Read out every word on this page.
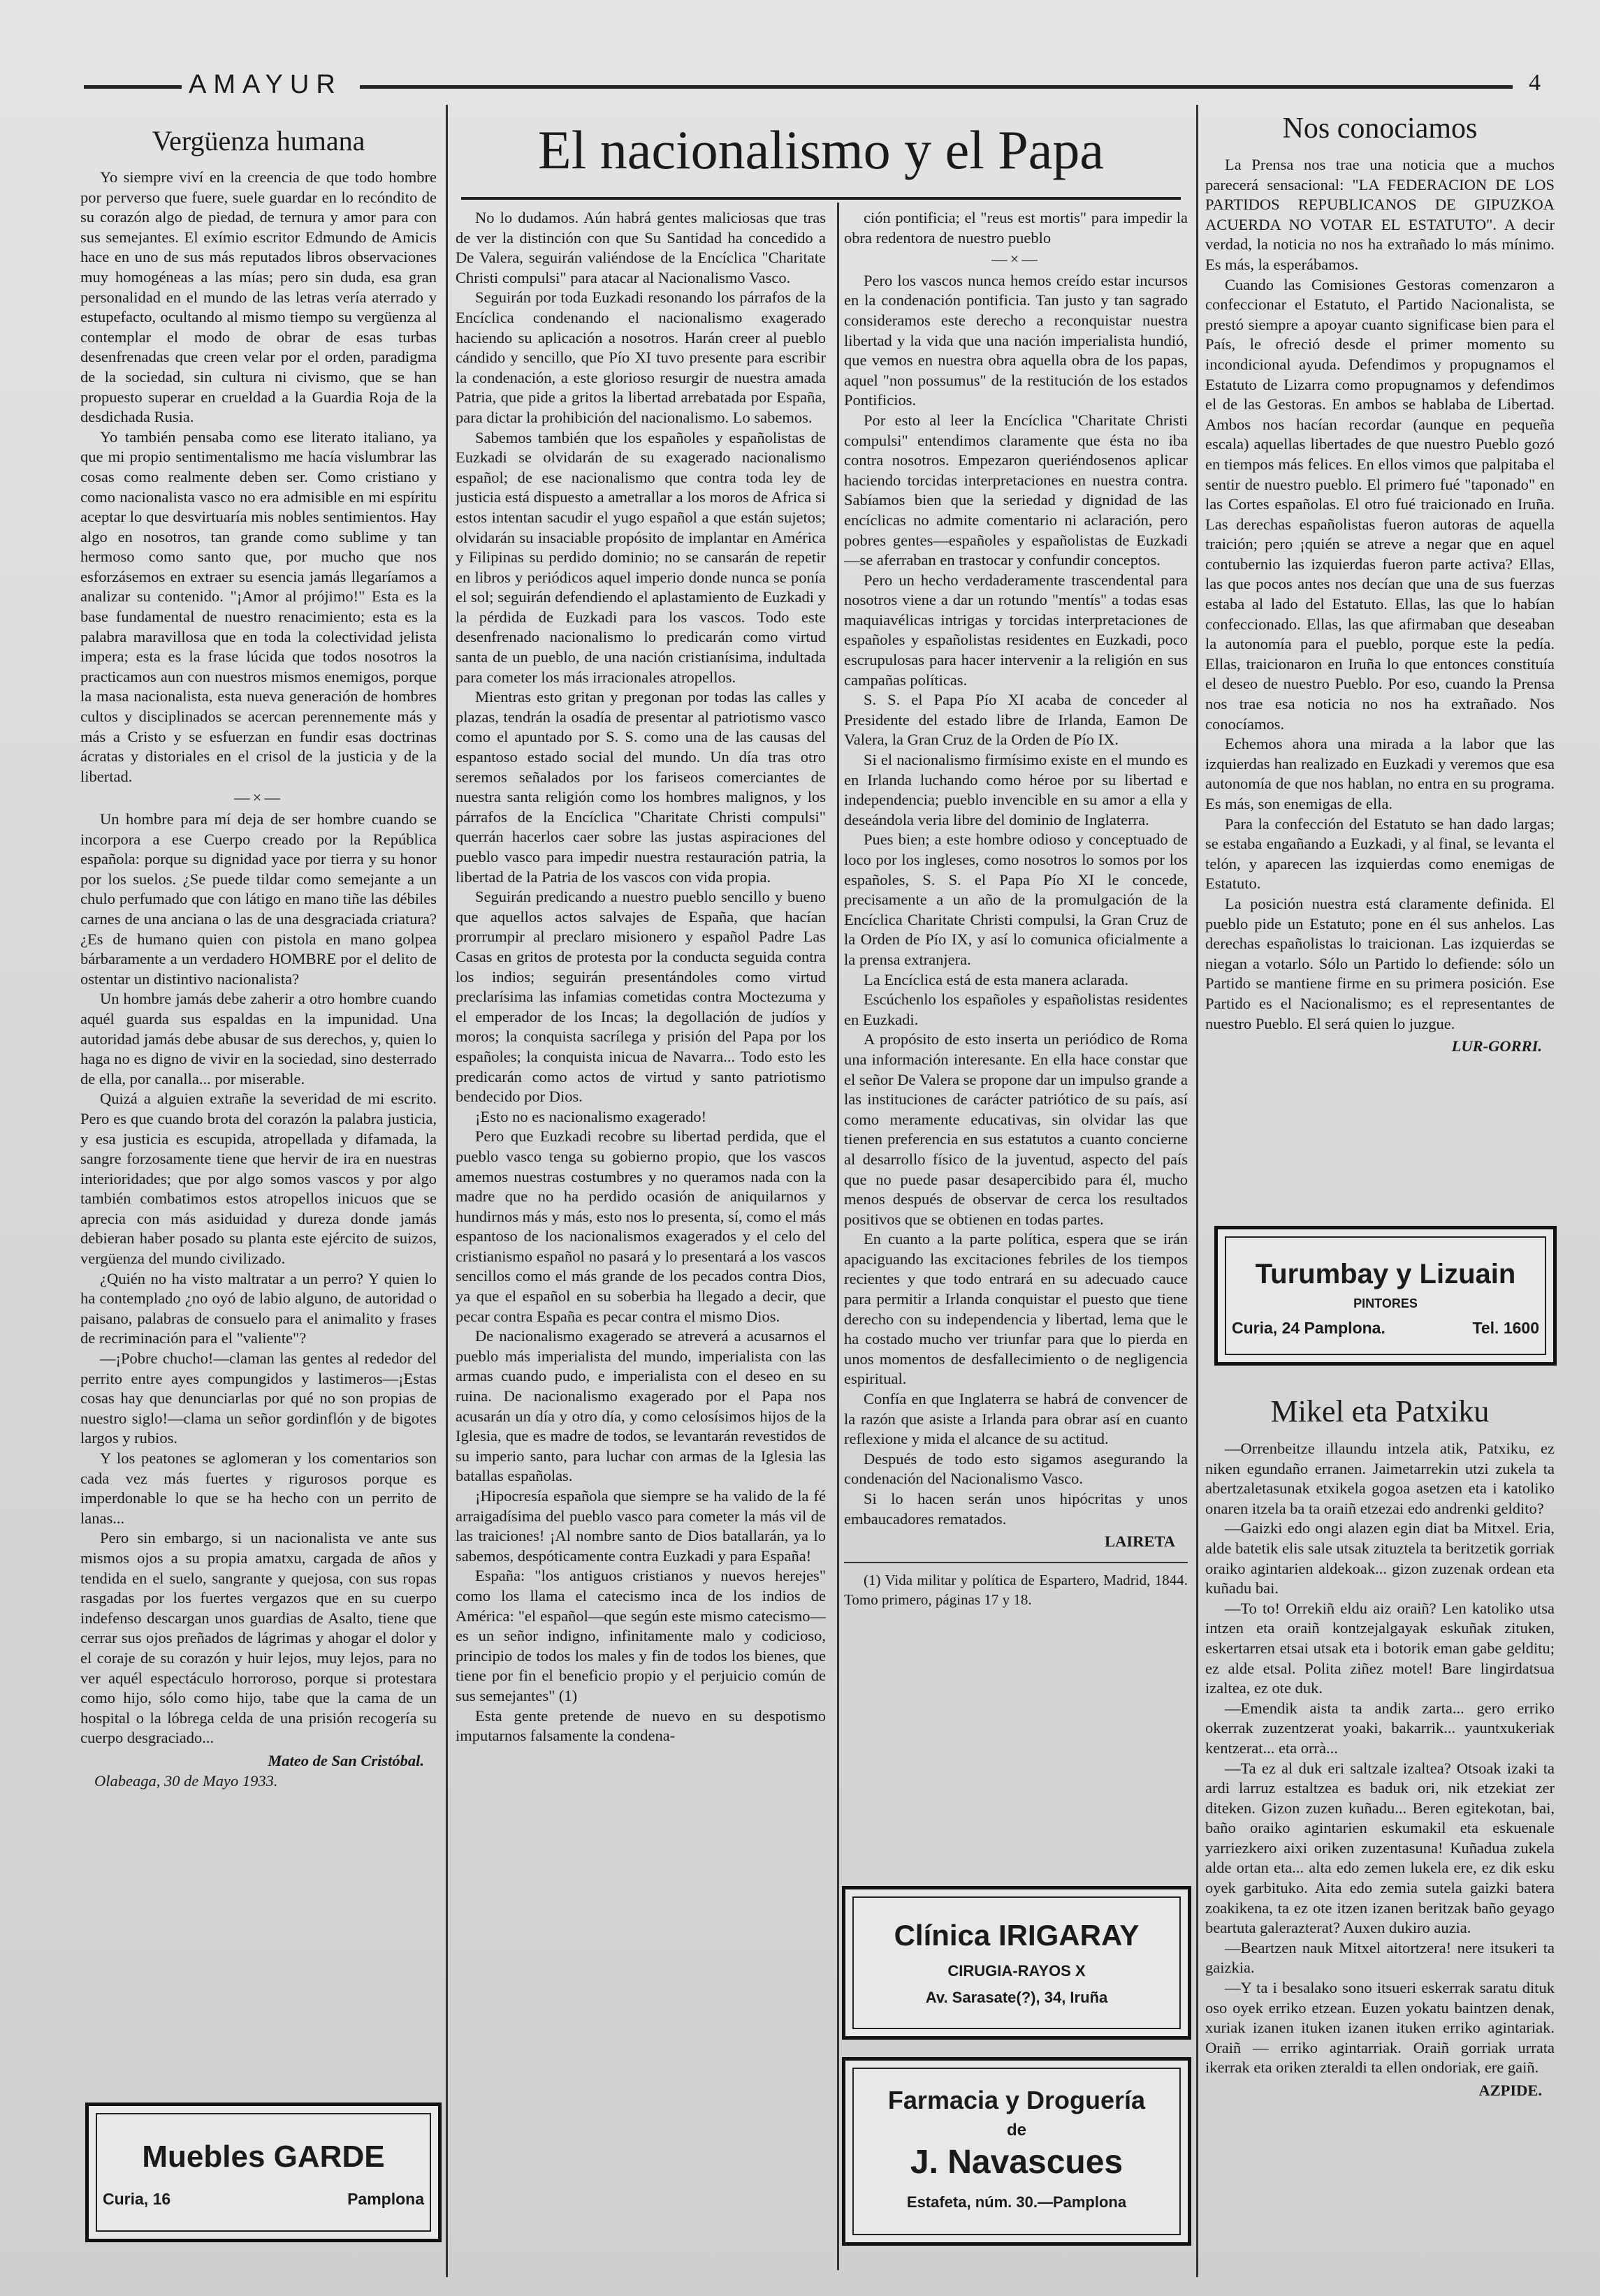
AMAYUR	4
Vergüenza humana

Yo siempre viví en la creencia de que todo hombre por perverso que fuere, suele guardar en lo recóndito de su corazón algo de piedad, de ternura y amor para con sus semejantes. El exímio escritor Edmundo de Amicis hace en uno de sus más reputados libros observaciones muy homogéneas a las mías; pero sin duda, esa gran personalidad en el mundo de las letras vería aterrado y estupefacto, ocultando al mismo tiempo su vergüenza al contemplar el modo de obrar de esas turbas desenfrenadas que creen velar por el orden, paradigma de la sociedad, sin cultura ni civismo, que se han propuesto superar en crueldad a la Guardia Roja de la desdichada Rusia.

Yo también pensaba como ese literato italiano, ya que mi propio sentimentalismo me hacía vislumbrar las cosas como realmente deben ser. Como cristiano y como nacionalista vasco no era admisible en mi espíritu aceptar lo que desvirtuaría mis nobles sentimientos. Hay algo en nosotros, tan grande como sublime y tan hermoso como santo que, por mucho que nos esforzásemos en extraer su esencia jamás llegaríamos a analizar su contenido. "¡Amor al prójimo!" Esta es la base fundamental de nuestro renacimiento; esta es la palabra maravillosa que en toda la colectividad jelista impera; esta es la frase lúcida que todos nosotros la practicamos aun con nuestros mismos enemigos, porque la masa nacionalista, esta nueva generación de hombres cultos y disciplinados se acercan perennemente más y más a Cristo y se esfuerzan en fundir esas doctrinas ácratas y distoriales en el crisol de la justicia y de la libertad.

—×—

Un hombre para mí deja de ser hombre cuando se incorpora a ese Cuerpo creado por la República española: porque su dignidad yace por tierra y su honor por los suelos. ¿Se puede tildar como semejante a un chulo perfumado que con látigo en mano tiñe las débiles carnes de una anciana o las de una desgraciada criatura? ¿Es de humano quien con pistola en mano golpea bárbaramente a un verdadero HOMBRE por el delito de ostentar un distintivo nacionalista?

Un hombre jamás debe zaherir a otro hombre cuando aquél guarda sus espaldas en la impunidad. Una autoridad jamás debe abusar de sus derechos, y, quien lo haga no es digno de vivir en la sociedad, sino desterrado de ella, por canalla... por miserable.

Quizá a alguien extrañe la severidad de mi escrito. Pero es que cuando brota del corazón la palabra justicia, y esa justicia es escupida, atropellada y difamada, la sangre forzosamente tiene que hervir de ira en nuestras interioridades; que por algo somos vascos y por algo también combatimos estos atropellos inicuos que se aprecia con más asiduidad y dureza donde jamás debieran haber posado su planta este ejército de suizos, vergüenza del mundo civilizado.

¿Quién no ha visto maltratar a un perro? Y quien lo ha contemplado ¿no oyó de labio alguno, de autoridad o paisano, palabras de consuelo para el animalito y frases de recriminación para el "valiente"?

—¡Pobre chucho!—claman las gentes al rededor del perrito entre ayes compungidos y lastimeros—¡Estas cosas hay que denunciarlas por qué no son propias de nuestro siglo!—clama un señor gordinflón y de bigotes largos y rubios.

Y los peatones se aglomeran y los comentarios son cada vez más fuertes y rigurosos porque es imperdonable lo que se ha hecho con un perrito de lanas...

Pero sin embargo, si un nacionalista ve ante sus mismos ojos a su propia amatxu, cargada de años y tendida en el suelo, sangrante y quejosa, con sus ropas rasgadas por los fuertes vergazos que en su cuerpo indefenso descargan unos guardias de Asalto, tiene que cerrar sus ojos preñados de lágrimas y ahogar el dolor y el coraje de su corazón y huir lejos, muy lejos, para no ver aquél espectáculo horroroso, porque si protestara como hijo, sólo como hijo, tabe que la cama de un hospital o la lóbrega celda de una prisión recogería su cuerpo desgraciado...

Mateo de San Cristóbal.
Olabeaga, 30 de Mayo 1933.
El nacionalismo y el Papa

No lo dudamos. Aún habrá gentes maliciosas que tras de ver la distinción con que Su Santidad ha concedido a De Valera, seguirán valiéndose de la Encíclica "Charitate Christi compulsi" para atacar al Nacionalismo Vasco.

Seguirán por toda Euzkadi resonando los párrafos de la Encíclica condenando el nacionalismo exagerado haciendo su aplicación a nosotros. Harán creer al pueblo cándido y sencillo, que Pío XI tuvo presente para escribir la condenación, a este glorioso resurgir de nuestra amada Patria, que pide a gritos la libertad arrebatada por España, para dictar la prohibición del nacionalismo. Lo sabemos.

Sabemos también que los españoles y españolistas de Euzkadi se olvidarán de su exagerado nacionalismo español; de ese nacionalismo que contra toda ley de justicia está dispuesto a ametrallar a los moros de Africa si estos intentan sacudir el yugo español a que están sujetos; olvidarán su insaciable propósito de implantar en América y Filipinas su perdido dominio; no se cansarán de repetir en libros y periódicos aquel imperio donde nunca se ponía el sol; seguirán defendiendo el aplastamiento de Euzkadi y la pérdida de Euzkadi para los vascos. Todo este desenfrenado nacionalismo lo predicarán como virtud santa de un pueblo, de una nación cristianísima, indultada para cometer los más irracionales atropellos.

Mientras esto gritan y pregonan por todas las calles y plazas, tendrán la osadía de presentar al patriotismo vasco como el apuntado por S. S. como una de las causas del espantoso estado social del mundo. Un día tras otro seremos señalados por los fariseos comerciantes de nuestra santa religión como los hombres malignos, y los párrafos de la Encíclica "Charitate Christi compulsi" querrán hacerlos caer sobre las justas aspiraciones del pueblo vasco para impedir nuestra restauración patria, la libertad de la Patria de los vascos con vida propia.

Seguirán predicando a nuestro pueblo sencillo y bueno que aquellos actos salvajes de España, que hacían prorrumpir al preclaro misionero y español Padre Las Casas en gritos de protesta por la conducta seguida contra los indios; seguirán presentándoles como virtud preclarísima las infamias cometidas contra Moctezuma y el emperador de los Incas; la degollación de judíos y moros; la conquista sacrílega y prisión del Papa por los españoles; la conquista inicua de Navarra... Todo esto les predicarán como actos de virtud y santo patriotismo bendecido por Dios.

¡Esto no es nacionalismo exagerado!

Pero que Euzkadi recobre su libertad perdida, que el pueblo vasco tenga su gobierno propio, que los vascos amemos nuestras costumbres y no queramos nada con la madre que no ha perdido ocasión de aniquilarnos y hundirnos más y más, esto nos lo presenta, sí, como el más espantoso de los nacionalismos exagerados y el celo del cristianismo español no pasará y lo presentará a los vascos sencillos como el más grande de los pecados contra Dios, ya que el español en su soberbia ha llegado a decir, que pecar contra España es pecar contra el mismo Dios.

De nacionalismo exagerado se atreverá a acusarnos el pueblo más imperialista del mundo, imperialista con las armas cuando pudo, e imperialista con el deseo en su ruina. De nacionalismo exagerado por el Papa nos acusarán un día y otro día, y como celosísimos hijos de la Iglesia, que es madre de todos, se levantarán revestidos de su imperio santo, para luchar con armas de la Iglesia las batallas españolas.

¡Hipocresía española que siempre se ha valido de la fé arraigadísima del pueblo vasco para cometer la más vil de las traiciones! ¡Al nombre santo de Dios batallarán, ya lo sabemos, despóticamente contra Euzkadi y para España!

España: "los antiguos cristianos y nuevos herejes" como los llama el catecismo inca de los indios de América: "el español—que según este mismo catecismo—es un señor indigno, infinitamente malo y codicioso, principio de todos los males y fin de todos los bienes, que tiene por fin el beneficio propio y el perjuicio común de sus semejantes" (1)

Esta gente pretende de nuevo en su despotismo imputarnos falsamente la condena-

ción pontificia; el "reus est mortis" para impedir la obra redentora de nuestro pueblo

—×—

Pero los vascos nunca hemos creído estar incursos en la condenación pontificia. Tan justo y tan sagrado consideramos este derecho a reconquistar nuestra libertad y la vida que una nación imperialista hundió, que vemos en nuestra obra aquella obra de los papas, aquel "non possumus" de la restitución de los estados Pontificios.

Por esto al leer la Encíclica "Charitate Christi compulsi" entendimos claramente que ésta no iba contra nosotros. Empezaron queriéndosenos aplicar haciendo torcidas interpretaciones en nuestra contra. Sabíamos bien que la seriedad y dignidad de las encíclicas no admite comentario ni aclaración, pero pobres gentes—españoles y españolistas de Euzkadi—se aferraban en trastocar y confundir conceptos.

Pero un hecho verdaderamente trascendental para nosotros viene a dar un rotundo "mentís" a todas esas maquiavélicas intrigas y torcidas interpretaciones de españoles y españolistas residentes en Euzkadi, poco escrupulosas para hacer intervenir a la religión en sus campañas políticas.

S. S. el Papa Pío XI acaba de conceder al Presidente del estado libre de Irlanda, Eamon De Valera, la Gran Cruz de la Orden de Pío IX.

Si el nacionalismo firmísimo existe en el mundo es en Irlanda luchando como héroe por su libertad e independencia; pueblo invencible en su amor a ella y deseándola veria libre del dominio de Inglaterra.

Pues bien; a este hombre odioso y conceptuado de loco por los ingleses, como nosotros lo somos por los españoles, S. S. el Papa Pío XI le concede, precisamente a un año de la promulgación de la Encíclica Charitate Christi compulsi, la Gran Cruz de la Orden de Pío IX, y así lo comunica oficialmente a la prensa extranjera.

La Encíclica está de esta manera aclarada.

Escúchenlo los españoles y españolistas residentes en Euzkadi.

A propósito de esto inserta un periódico de Roma una información interesante. En ella hace constar que el señor De Valera se propone dar un impulso grande a las instituciones de carácter patriótico de su país, así como meramente educativas, sin olvidar las que tienen preferencia en sus estatutos a cuanto concierne al desarrollo físico de la juventud, aspecto del país que no puede pasar desapercibido para él, mucho menos después de observar de cerca los resultados positivos que se obtienen en todas partes.

En cuanto a la parte política, espera que se irán apaciguando las excitaciones febriles de los tiempos recientes y que todo entrará en su adecuado cauce para permitir a Irlanda conquistar el puesto que tiene derecho con su independencia y libertad, lema que le ha costado mucho ver triunfar para que lo pierda en unos momentos de desfallecimiento o de negligencia espiritual.

Confía en que Inglaterra se habrá de convencer de la razón que asiste a Irlanda para obrar así en cuanto reflexione y mida el alcance de su actitud.

Después de todo esto sigamos asegurando la condenación del Nacionalismo Vasco.

Si lo hacen serán unos hipócritas y unos embaucadores rematados.

LAIRETA

(1) Vida militar y política de Espartero, Madrid, 1844. Tomo primero, páginas 17 y 18.

Nos conociamos

La Prensa nos trae una noticia que a muchos parecerá sensacional: "LA FEDERACION DE LOS PARTIDOS REPUBLICANOS DE GIPUZKOA ACUERDA NO VOTAR EL ESTATUTO". A decir verdad, la noticia no nos ha extrañado lo más mínimo. Es más, la esperábamos.

Cuando las Comisiones Gestoras comenzaron a confeccionar el Estatuto, el Partido Nacionalista, se prestó siempre a apoyar cuanto significase bien para el País, le ofreció desde el primer momento su incondicional ayuda. Defendimos y propugnamos el Estatuto de Lizarra como propugnamos y defendimos el de las Gestoras. En ambos se hablaba de Libertad. Ambos nos hacían recordar (aunque en pequeña escala) aquellas libertades de que nuestro Pueblo gozó en tiempos más felices. En ellos vimos que palpitaba el sentir de nuestro pueblo. El primero fué "taponado" en las Cortes españolas. El otro fué traicionado en Iruña. Las derechas españolistas fueron autoras de aquella traición; pero ¡quién se atreve a negar que en aquel contubernio las izquierdas fueron parte activa? Ellas, las que pocos antes nos decían que una de sus fuerzas estaba al lado del Estatuto. Ellas, las que lo habían confeccionado. Ellas, las que afirmaban que deseaban la autonomía para el pueblo, porque este la pedía. Ellas, traicionaron en Iruña lo que entonces constituía el deseo de nuestro Pueblo. Por eso, cuando la Prensa nos trae esa noticia no nos ha extrañado. Nos conocíamos.

Echemos ahora una mirada a la labor que las izquierdas han realizado en Euzkadi y veremos que esa autonomía de que nos hablan, no entra en su programa. Es más, son enemigas de ella.

Para la confección del Estatuto se han dado largas; se estaba engañando a Euzkadi, y al final, se levanta el telón, y aparecen las izquierdas como enemigas de Estatuto.

La posición nuestra está claramente definida. El pueblo pide un Estatuto; pone en él sus anhelos. Las derechas españolistas lo traicionan. Las izquierdas se niegan a votarlo. Sólo un Partido lo defiende: sólo un Partido se mantiene firme en su primera posición. Ese Partido es el Nacionalismo; es el representantes de nuestro Pueblo. El será quien lo juzgue.

LUR-GORRI.
Turumbay y Lizuain
PINTORES
Curia, 24 Pamplona.	Tel. 1600
Mikel eta Patxiku

—Orrenbeitze illaundu intzela atik, Patxiku, ez niken egundaño erranen. Jaimetarrekin utzi zukela ta abertzaletasunak etxikela gogoa asetzen eta i katoliko onaren itzela ba ta oraiñ etzezai edo andrenki geldito?

—Gaizki edo ongi alazen egin diat ba Mitxel. Eria, alde batetik elis sale utsak zituztela ta beritzetik gorriak oraiko agintarien aldekoak... gizon zuzenak ordean eta kuñadu bai.

—To to! Orrekiñ eldu aiz oraiñ? Len katoliko utsa intzen eta oraiñ kontzejalgayak eskuñak zituken, eskertarren etsai utsak eta i botorik eman gabe gelditu; ez alde etsal. Polita ziñez motel! Bare lingirdatsua izaltea, ez ote duk.

—Emendik aista ta andik zarta... gero erriko okerrak zuzentzerat yoaki, bakarrik... yauntxukeriak kentzerat... eta orrà...

—Ta ez al duk eri saltzale izaltea? Otsoak izaki ta ardi larruz estaltzea es baduk ori, nik etzekiat zer diteken. Gizon zuzen kuñadu... Beren egitekotan, bai, baño oraiko agintarien eskumakil eta eskuenale yarriezkero aixi oriken zuzentasuna! Kuñadua zukela alde ortan eta... alta edo zemen lukela ere, ez dik esku oyek garbituko. Aita edo zemia sutela gaizki batera zoakikena, ta ez ote itzen izanen beritzak baño geyago beartuta galerazterat? Auxen dukiro auzia.

—Beartzen nauk Mitxel aitortzera! nere itsukeri ta gaizkia.

—Y ta i besalako sono itsueri eskerrak saratu dituk oso oyek erriko etzean. Euzen yokatu baintzen denak, xuriak izanen ituken izanen ituken erriko agintariak. Oraiñ — erriko agintarriak. Oraiñ gorriak urrata ikerrak eta oriken zteraldi ta ellen ondoriak, ere gaiñ.

AZPIDE.
Muebles GARDE
Curia, 16	Pamplona
Clínica IRIGARAY
CIRUGIA-RAYOS X
Av. Sarasate(?), 34, Iruña
Farmacia y Droguería
de
J. Navascues
Estafeta, núm. 30.—Pamplona
